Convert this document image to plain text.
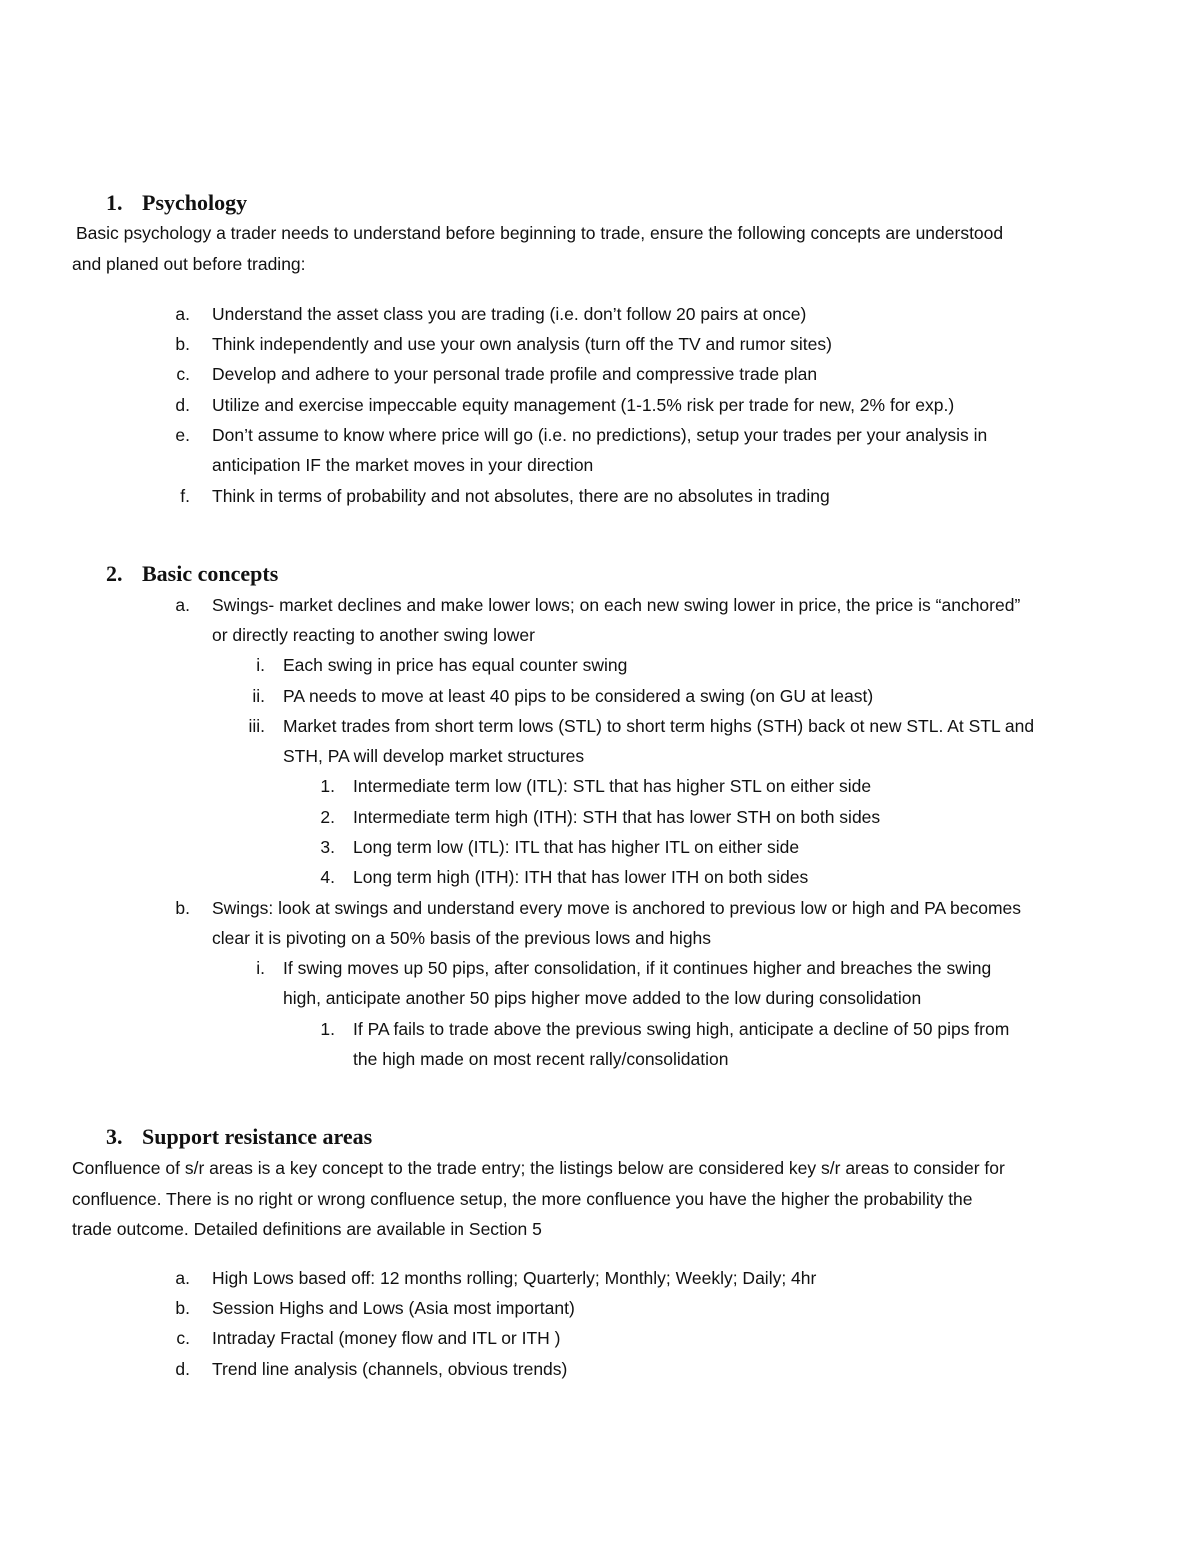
1. Psychology
Basic psychology a trader needs to understand before beginning to trade, ensure the following concepts are understood
and planed out before trading:
a. Understand the asset class you are trading (i.e. don’t follow 20 pairs at once)
b. Think independently and use your own analysis (turn off the TV and rumor sites)
c. Develop and adhere to your personal trade profile and compressive trade plan
d. Utilize and exercise impeccable equity management (1-1.5% risk per trade for new, 2% for exp.)
e. Don’t assume to know where price will go (i.e. no predictions), setup your trades per your analysis in
anticipation IF the market moves in your direction
f. Think in terms of probability and not absolutes, there are no absolutes in trading
2. Basic concepts
a. Swings- market declines and make lower lows; on each new swing lower in price, the price is “anchored”
or directly reacting to another swing lower
i. Each swing in price has equal counter swing
ii. PA needs to move at least 40 pips to be considered a swing (on GU at least)
iii. Market trades from short term lows (STL) to short term highs (STH) back ot new STL. At STL and
STH, PA will develop market structures
1. Intermediate term low (ITL): STL that has higher STL on either side
2. Intermediate term high (ITH): STH that has lower STH on both sides
3. Long term low (ITL): ITL that has higher ITL on either side
4. Long term high (ITH): ITH that has lower ITH on both sides
b. Swings: look at swings and understand every move is anchored to previous low or high and PA becomes
clear it is pivoting on a 50% basis of the previous lows and highs
i. If swing moves up 50 pips, after consolidation, if it continues higher and breaches the swing
high, anticipate another 50 pips higher move added to the low during consolidation
1. If PA fails to trade above the previous swing high, anticipate a decline of 50 pips from
the high made on most recent rally/consolidation
3. Support resistance areas
Confluence of s/r areas is a key concept to the trade entry; the listings below are considered key s/r areas to consider for
confluence. There is no right or wrong confluence setup, the more confluence you have the higher the probability the
trade outcome. Detailed definitions are available in Section 5
a. High Lows based off: 12 months rolling; Quarterly; Monthly; Weekly; Daily; 4hr
b. Session Highs and Lows (Asia most important)
c. Intraday Fractal (money flow and ITL or ITH )
d. Trend line analysis (channels, obvious trends)
